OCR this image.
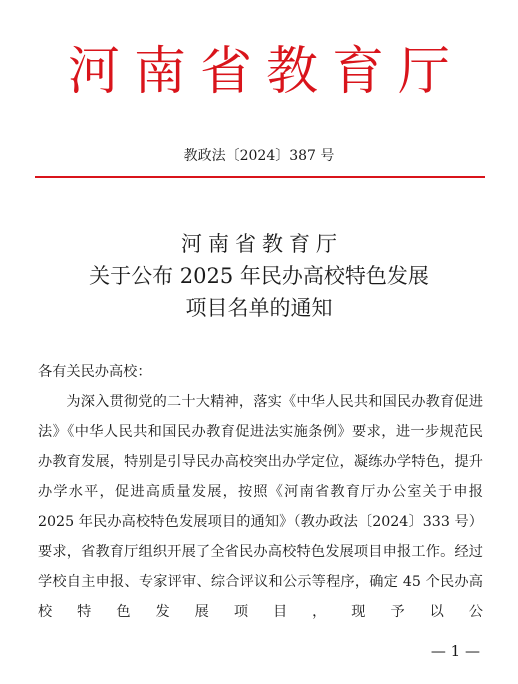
河南省教育厅
教政法〔2024〕387 号
河南省教育厅
关于公布 2025 年民办高校特色发展
项目名单的通知
各有关民办高校：

为深入贯彻党的二十大精神，落实《中华人民共和国民办教育促进法》《中华人民共和国民办教育促进法实施条例》要求，进一步规范民办教育发展，特别是引导民办高校突出办学定位，凝练办学特色，提升办学水平，促进高质量发展，按照《河南省教育厅办公室关于申报 2025 年民办高校特色发展项目的通知》（教办政法〔2024〕333 号）要求，省教育厅组织开展了全省民办高校特色发展项目申报工作。经过学校自主申报、专家评审、综合评议和公示等程序，确定 45 个民办高校特色发展项目，现予以公

— 1 —
